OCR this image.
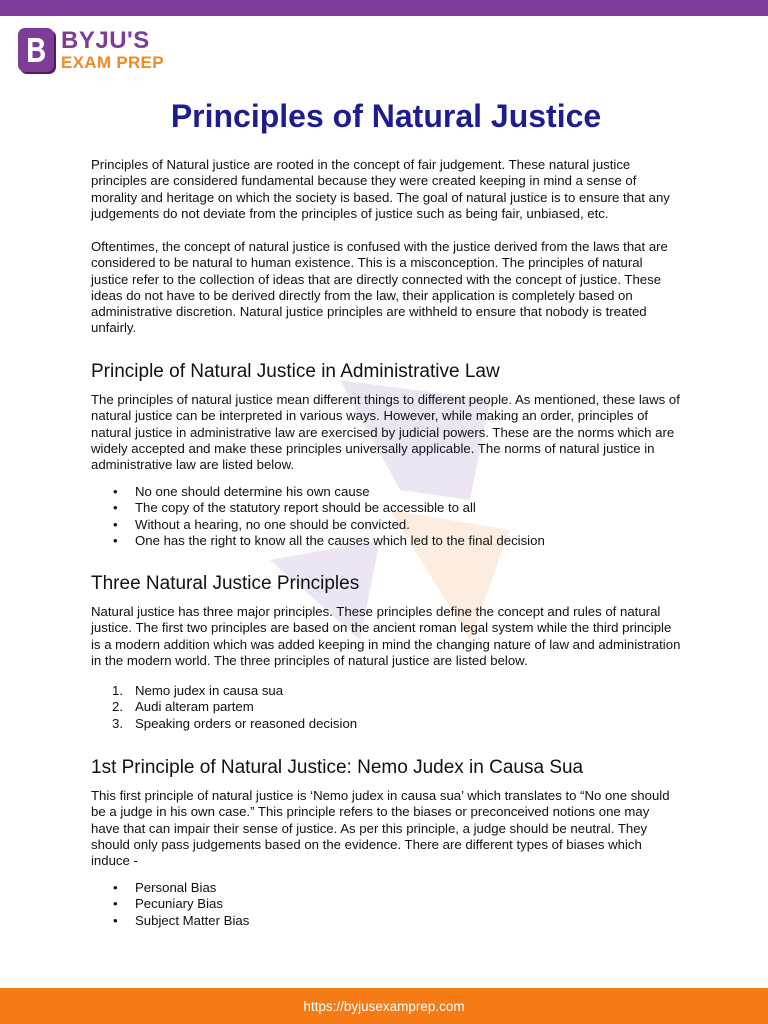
BYJU'S
EXAM PREP
Principles of Natural Justice

Principles of Natural justice are rooted in the concept of fair judgement. These natural justice principles are considered fundamental because they were created keeping in mind a sense of morality and heritage on which the society is based. The goal of natural justice is to ensure that any judgements do not deviate from the principles of justice such as being fair, unbiased, etc.

Oftentimes, the concept of natural justice is confused with the justice derived from the laws that are considered to be natural to human existence. This is a misconception. The principles of natural justice refer to the collection of ideas that are directly connected with the concept of justice. These ideas do not have to be derived directly from the law, their application is completely based on administrative discretion. Natural justice principles are withheld to ensure that nobody is treated unfairly.

Principle of Natural Justice in Administrative Law

The principles of natural justice mean different things to different people. As mentioned, these laws of natural justice can be interpreted in various ways. However, while making an order, principles of natural justice in administrative law are exercised by judicial powers. These are the norms which are widely accepted and make these principles universally applicable. The norms of natural justice in administrative law are listed below.

• No one should determine his own cause
• The copy of the statutory report should be accessible to all
• Without a hearing, no one should be convicted.
• One has the right to know all the causes which led to the final decision
Three Natural Justice Principles

Natural justice has three major principles. These principles define the concept and rules of natural justice. The first two principles are based on the ancient roman legal system while the third principle is a modern addition which was added keeping in mind the changing nature of law and administration in the modern world. The three principles of natural justice are listed below.

1. Nemo judex in causa sua
2. Audi alteram partem
3. Speaking orders or reasoned decision
1st Principle of Natural Justice: Nemo Judex in Causa Sua

This first principle of natural justice is ‘Nemo judex in causa sua’ which translates to “No one should be a judge in his own case.” This principle refers to the biases or preconceived notions one may have that can impair their sense of justice. As per this principle, a judge should be neutral. They should only pass judgements based on the evidence. There are different types of biases which induce -

• Personal Bias
• Pecuniary Bias
• Subject Matter Bias
https://byjusexamprep.com
